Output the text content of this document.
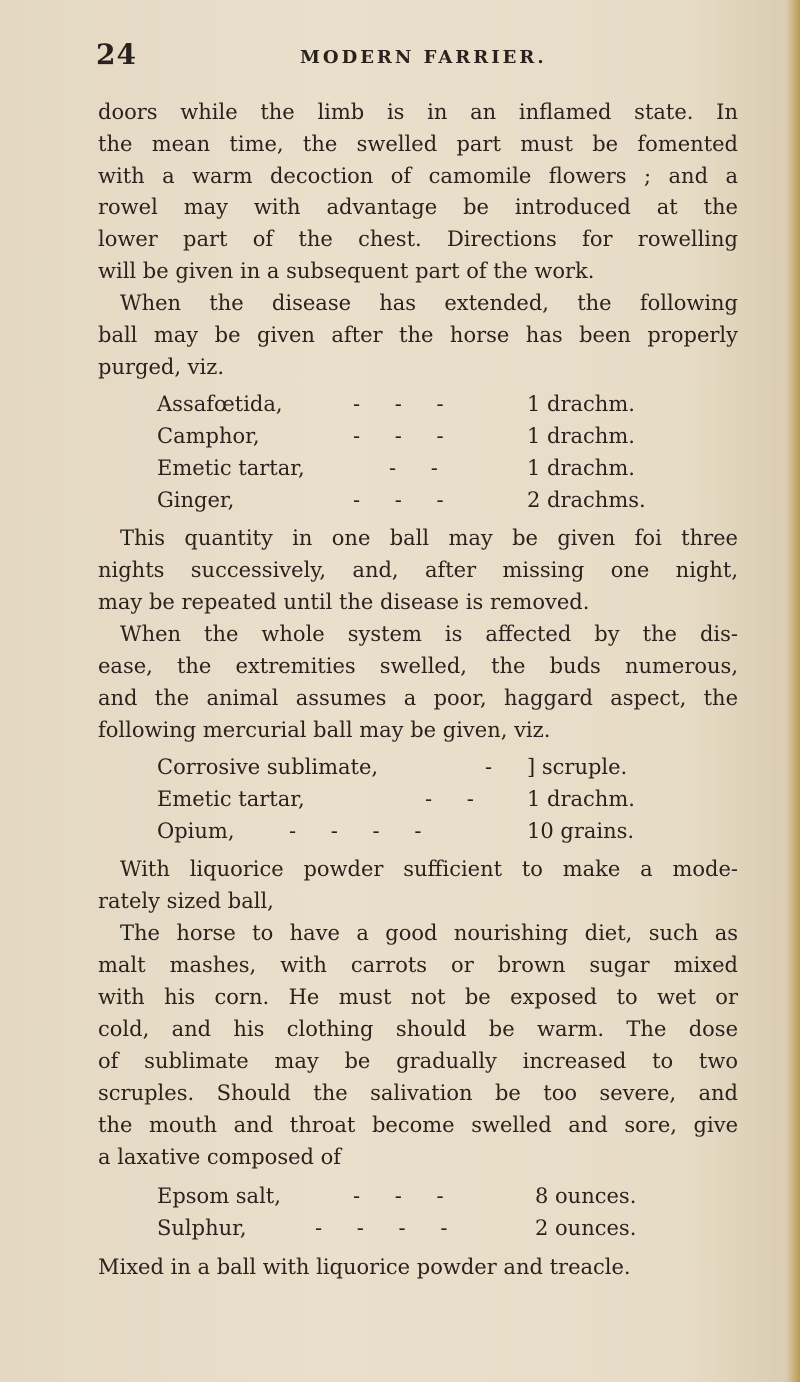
24	MODERN FARRIER.
doors while the limb is in an inflamed state. In
the mean time, the swelled part must be fomented
with a warm decoction of camomile flowers ; and a
rowel may with advantage be introduced at the
lower part of the chest. Directions for rowelling
will be given in a subsequent part of the work.
When the disease has extended, the following
ball may be given after the horse has been properly
purged, viz.
Assafœtida,	- - -	1 drachm.
Camphor,	- - -	1 drachm.
Emetic tartar,	- -	1 drachm.
Ginger,	- - -	2 drachms.
This quantity in one ball may be given foi three
nights successively, and, after missing one night,
may be repeated until the disease is removed.
When the whole system is affected by the dis-
ease, the extremities swelled, the buds numerous,
and the animal assumes a poor, haggard aspect, the
following mercurial ball may be given, viz.
Corrosive sublimate,	- ] scruple.
Emetic tartar,	- - 1 drachm.
Opium,	- - - -	10 grains.
With liquorice powder sufficient to make a mode-
rately sized ball,
The horse to have a good nourishing diet, such as
malt mashes, with carrots or brown sugar mixed
with his corn. He must not be exposed to wet or
cold, and his clothing should be warm. The dose
of sublimate may be gradually increased to two
scruples. Should the salivation be too severe, and
the mouth and throat become swelled and sore, give
a laxative composed of
Epsom salt,	- - -	8 ounces.
Sulphur,	- - - -	2 ounces.
Mixed in a ball with liquorice powder and treacle.
